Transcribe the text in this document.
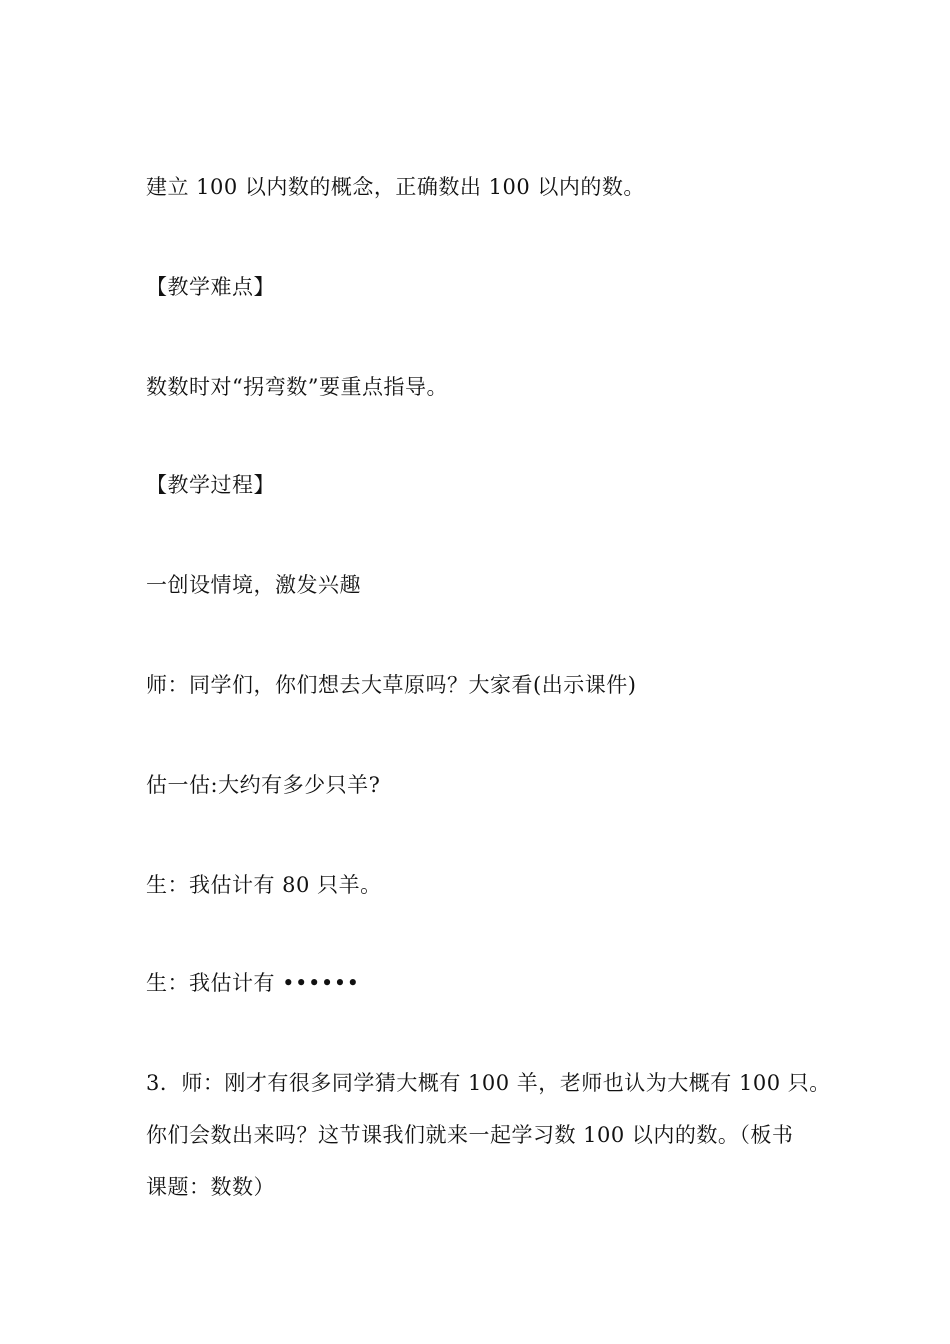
建立 100 以内数的概念，正确数出 100 以内的数。

【教学难点】

数数时对“拐弯数”要重点指导。

【教学过程】

一创设情境，激发兴趣

师：同学们，你们想去大草原吗？大家看(出示课件)

估一估:大约有多少只羊?

生：我估计有 80 只羊。

生：我估计有 ••••••

3．师：刚才有很多同学猜大概有 100 羊，老师也认为大概有 100 只。
你们会数出来吗？这节课我们就来一起学习数 100 以内的数。（板书
课题：数数）
